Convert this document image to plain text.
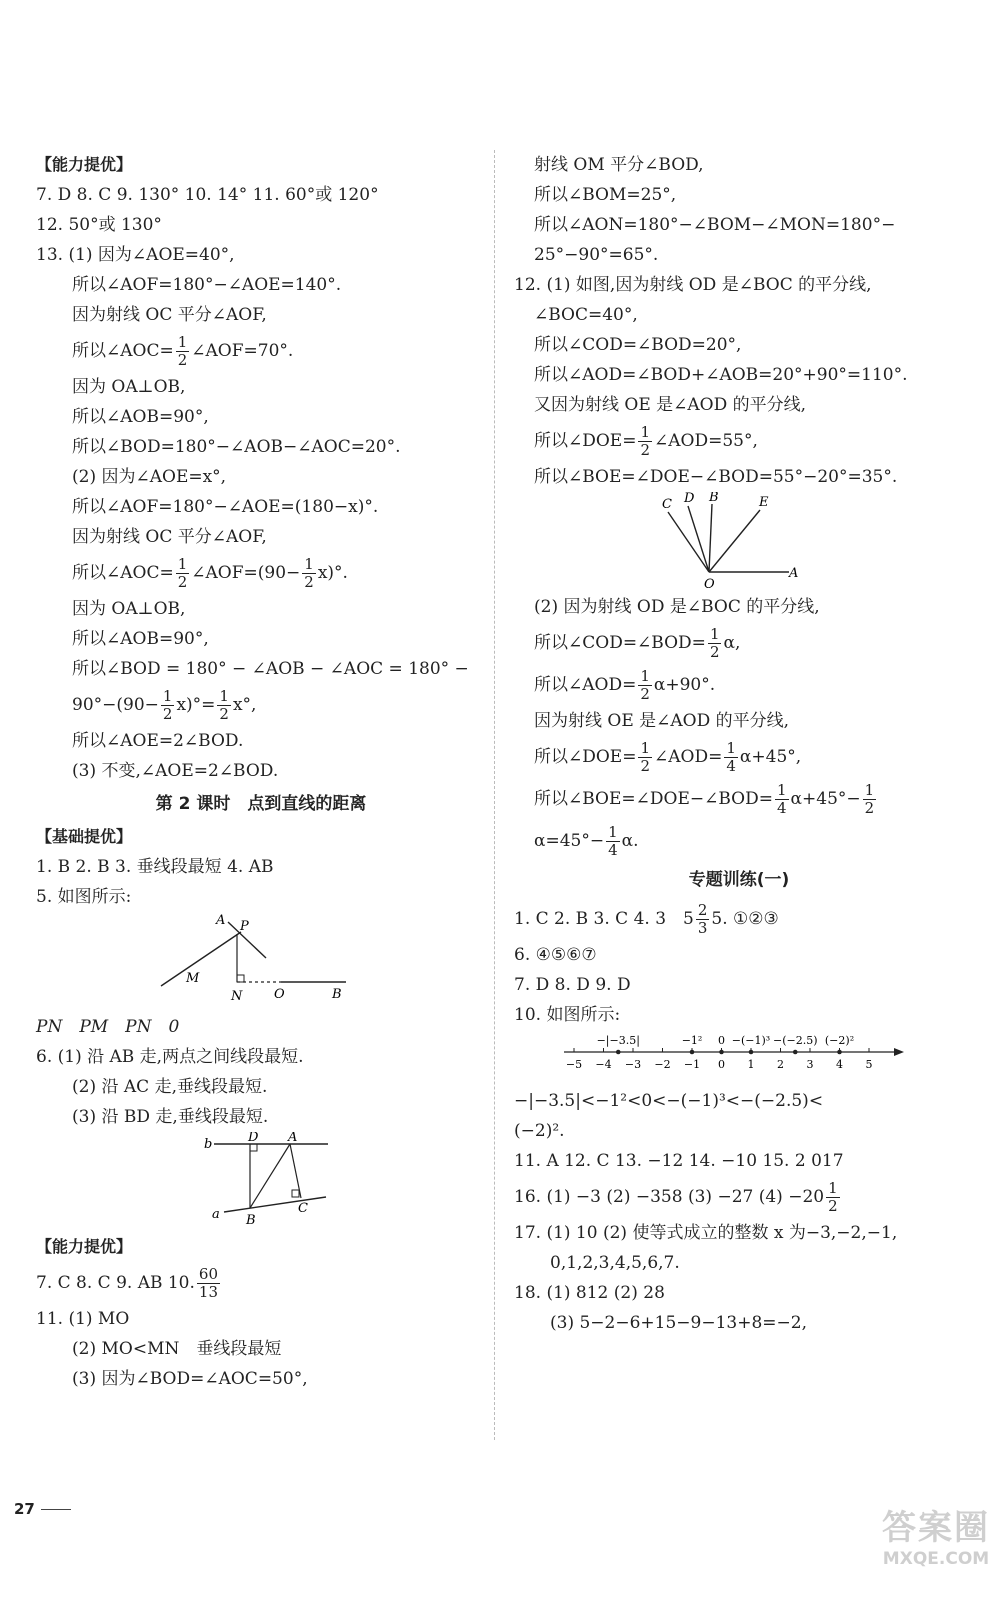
【能力提优】
7. D 8. C 9. 130° 10. 14° 11. 60°或 120°
12. 50°或 130°
13. (1) 因为∠AOE=40°,
所以∠AOF=180°−∠AOE=140°.
因为射线 OC 平分∠AOF,
所以∠AOC= $\frac{1}{2}$ ∠AOF=70°.
因为 OA⊥OB,
所以∠AOB=90°,
所以∠BOD=180°−∠AOB−∠AOC=20°.
(2) 因为∠AOE=x°,
所以∠AOF=180°−∠AOE=(180−x)°.
因为射线 OC 平分∠AOF,
所以∠AOC= $\frac{1}{2}$ ∠AOF=(90− $\frac{1}{2} x)^\circ$.
因为 OA⊥OB,
所以∠AOB=90°,
所以∠BOD = 180° − ∠AOB − ∠AOC = 180° −
$90^\circ-(90- \frac{1}{2} x)^\circ= \frac{1}{2} x^\circ$,
所以∠AOE=2∠BOD.
(3) 不变,∠AOE=2∠BOD.
第 2 课时　点到直线的距离
【基础提优】
1. B 2. B 3. 垂线段最短 4. AB
5. 如图所示:
A P
M
N O	B
PN　PM　PN　0
6. (1) 沿 AB 走,两点之间线段最短.
(2) 沿 AC 走,垂线段最短.
(3) 沿 BD 走,垂线段最短.
b	D A
a B
C
【能力提优】
7. C 8. C 9. AB 10. $\frac{60}{13}$
11. (1) MO
(2) MO<MN　垂线段最短
(3) 因为∠BOD=∠AOC=50°,
射线 OM 平分∠BOD,
所以∠BOM=25°,
所以∠AON=180°−∠BOM−∠MON=180°−
25°−90°=65°.
12. (1) 如图,因为射线 OD 是∠BOC 的平分线,
∠BOC=40°,
所以∠COD=∠BOD=20°,
所以∠AOD=∠BOD+∠AOB=20°+90°=110°.
又因为射线 OE 是∠AOD 的平分线,
所以∠DOE= $\frac{1}{2}$ ∠AOD=55°,
所以∠BOE=∠DOE−∠BOD=55°−20°=35°.
C D B	E
O
A
(2) 因为射线 OD 是∠BOC 的平分线,
所以∠COD=∠BOD= $\frac{1}{2} \alpha$,
所以∠AOD= $\frac{1}{2} \alpha+90^\circ$.
因为射线 OE 是∠AOD 的平分线,
所以∠DOE= $\frac{1}{2}$ ∠AOD= $\frac{1}{4} \alpha+45^\circ$,
所以∠BOE=∠DOE−∠BOD= $\frac{1}{4} \alpha+45^\circ- \frac{1}{2}$
$\alpha=45^\circ- \frac{1}{4} \alpha$.
专题训练(一)
1. C 2. B 3. C 4. 3　$5 \frac{2}{3} 5$. ①②③
6. ④⑤⑥⑦
7. D 8. D 9. D
10. 如图所示:
−5 −4 −3 −2 −1 0 1 2 3 4 5
−|−3.5|	−1² 0 −(−1)³ −(−2.5) (−2)²
−|−3.5|<−1²<0<−(−1)³<−(−2.5)<
(−2)².
11. A 12. C 13. −12 14. −10 15. 2 017
16. (1) −3 (2) −358 (3) −27 $(4) -20 \frac{1}{2}$
17. (1) 10 (2) 使等式成立的整数 x 为−3,−2,−1,
0,1,2,3,4,5,6,7.
18. (1) 812 (2) 28
(3) 5−2−6+15−9−13+8=−2,
27	答案圈
MXQE.COM
